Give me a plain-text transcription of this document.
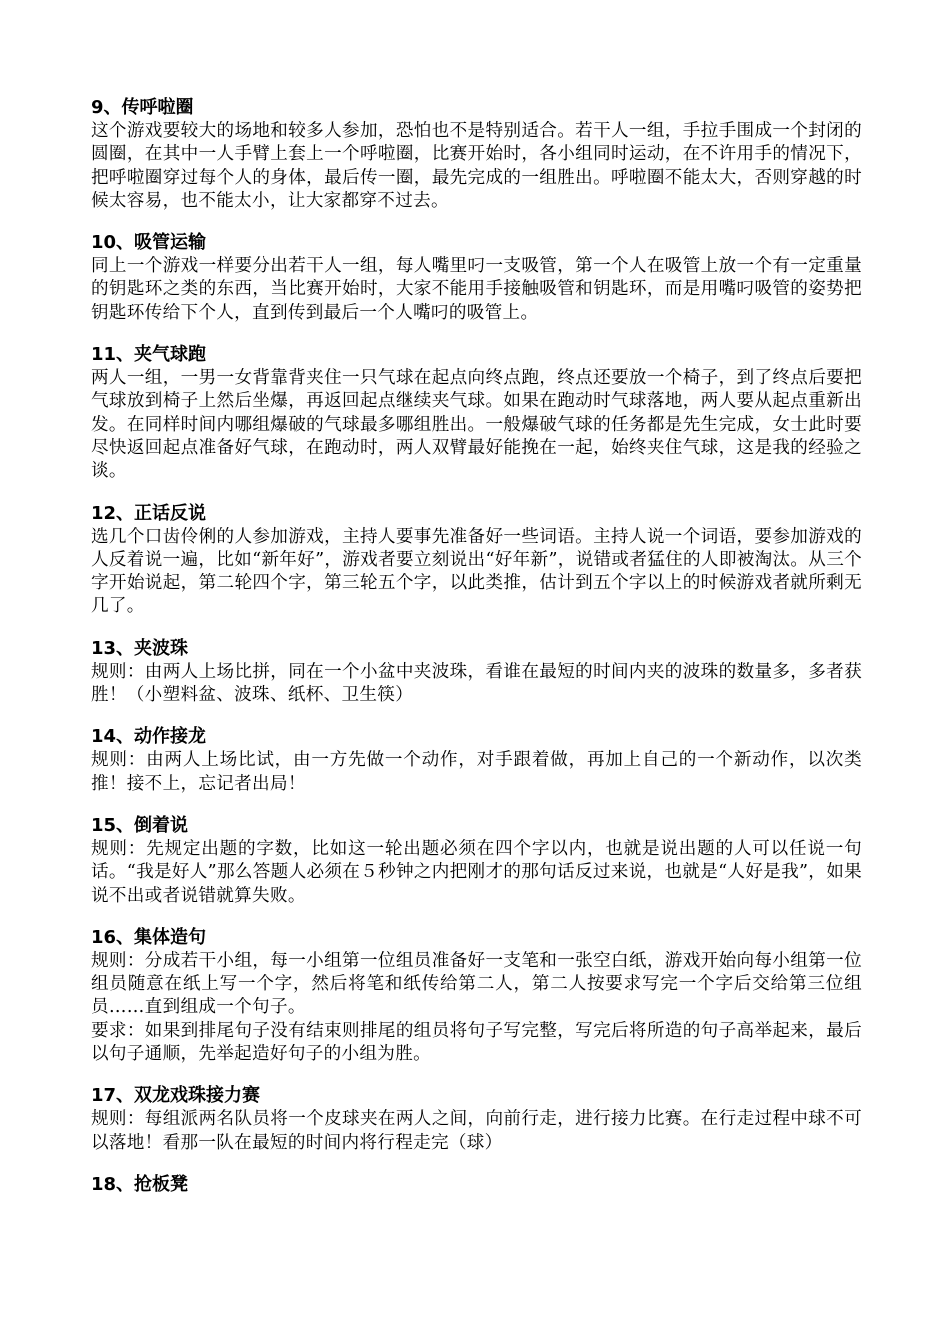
9、传呼啦圈
这个游戏要较大的场地和较多人参加，恐怕也不是特别适合。若干人一组，手拉手围成一个封闭的圆圈，在其中一人手臂上套上一个呼啦圈，比赛开始时，各小组同时运动，在不许用手的情况下，把呼啦圈穿过每个人的身体，最后传一圈，最先完成的一组胜出。呼啦圈不能太大，否则穿越的时候太容易，也不能太小，让大家都穿不过去。
10、吸管运输
同上一个游戏一样要分出若干人一组，每人嘴里叼一支吸管，第一个人在吸管上放一个有一定重量的钥匙环之类的东西，当比赛开始时，大家不能用手接触吸管和钥匙环，而是用嘴叼吸管的姿势把钥匙环传给下个人，直到传到最后一个人嘴叼的吸管上。
11、夹气球跑
两人一组，一男一女背靠背夹住一只气球在起点向终点跑，终点还要放一个椅子，到了终点后要把气球放到椅子上然后坐爆，再返回起点继续夹气球。如果在跑动时气球落地，两人要从起点重新出发。在同样时间内哪组爆破的气球最多哪组胜出。一般爆破气球的任务都是先生完成，女士此时要尽快返回起点准备好气球，在跑动时，两人双臂最好能挽在一起，始终夹住气球，这是我的经验之谈。
12、正话反说
选几个口齿伶俐的人参加游戏，主持人要事先准备好一些词语。主持人说一个词语，要参加游戏的人反着说一遍，比如“新年好”，游戏者要立刻说出“好年新”，说错或者猛住的人即被淘汰。从三个字开始说起，第二轮四个字，第三轮五个字，以此类推，估计到五个字以上的时候游戏者就所剩无几了。
13、夹波珠
规则：由两人上场比拼，同在一个小盆中夹波珠，看谁在最短的时间内夹的波珠的数量多，多者获胜！（小塑料盆、波珠、纸杯、卫生筷）
14、动作接龙
规则：由两人上场比试，由一方先做一个动作，对手跟着做，再加上自己的一个新动作，以次类推！接不上，忘记者出局！
15、倒着说
规则：先规定出题的字数，比如这一轮出题必须在四个字以内，也就是说出题的人可以任说一句话。“我是好人”那么答题人必须在５秒钟之内把刚才的那句话反过来说，也就是“人好是我”，如果说不出或者说错就算失败。
16、集体造句
规则：分成若干小组，每一小组第一位组员准备好一支笔和一张空白纸，游戏开始向每小组第一位组员随意在纸上写一个字，然后将笔和纸传给第二人，第二人按要求写完一个字后交给第三位组员……直到组成一个句子。
要求：如果到排尾句子没有结束则排尾的组员将句子写完整，写完后将所造的句子高举起来，最后以句子通顺，先举起造好句子的小组为胜。
17、双龙戏珠接力赛
规则：每组派两名队员将一个皮球夹在两人之间，向前行走，进行接力比赛。在行走过程中球不可以落地！看那一队在最短的时间内将行程走完（球）
18、抢板凳
